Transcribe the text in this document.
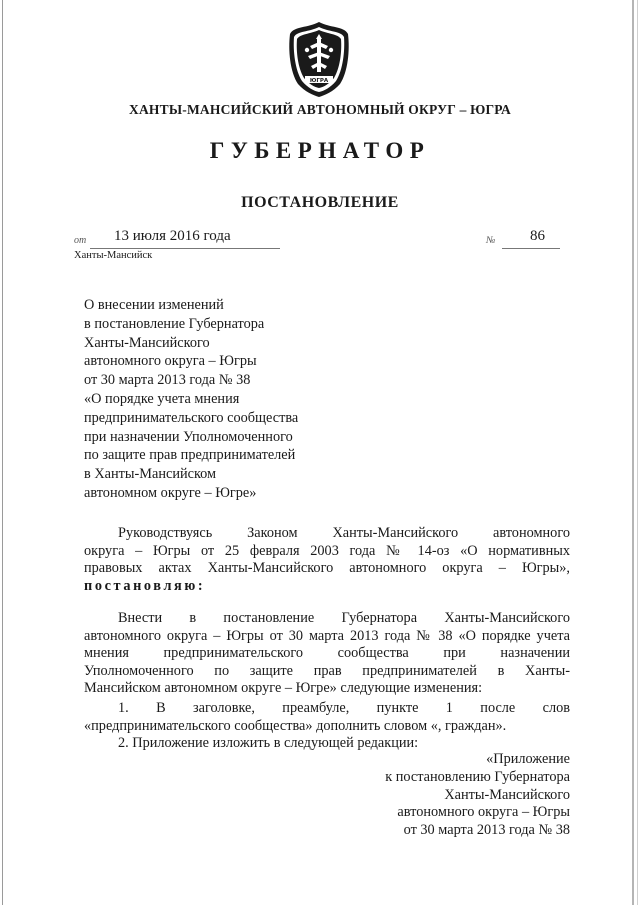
ЮГРА
ХАНТЫ-МАНСИЙСКИЙ АВТОНОМНЫЙ ОКРУГ – ЮГРА
ГУБЕРНАТОР
ПОСТАНОВЛЕНИЕ
от 13 июля 2016 года	№ 86
Ханты-Мансийск
О внесении изменений
в постановление Губернатора
Ханты-Мансийского
автономного округа – Югры
от 30 марта 2013 года № 38
«О порядке учета мнения
предпринимательского сообщества
при назначении Уполномоченного
по защите прав предпринимателей
в Ханты-Мансийском
автономном округе – Югре»
Руководствуясь Законом Ханты-Мансийского автономного
округа – Югры от 25 февраля 2003 года № 14-оз «О нормативных
правовых актах Ханты-Мансийского автономного округа – Югры»,
постановляю:
Внести в постановление Губернатора Ханты-Мансийского
автономного округа – Югры от 30 марта 2013 года № 38 «О порядке учета
мнения предпринимательского сообщества при назначении
Уполномоченного по защите прав предпринимателей в Ханты-
Мансийском автономном округе – Югре» следующие изменения:
1. В заголовке, преамбуле, пункте 1 после слов
«предпринимательского сообщества» дополнить словом «, граждан».
2. Приложение изложить в следующей редакции:
«Приложение
к постановлению Губернатора
Ханты-Мансийского
автономного округа – Югры
от 30 марта 2013 года № 38
